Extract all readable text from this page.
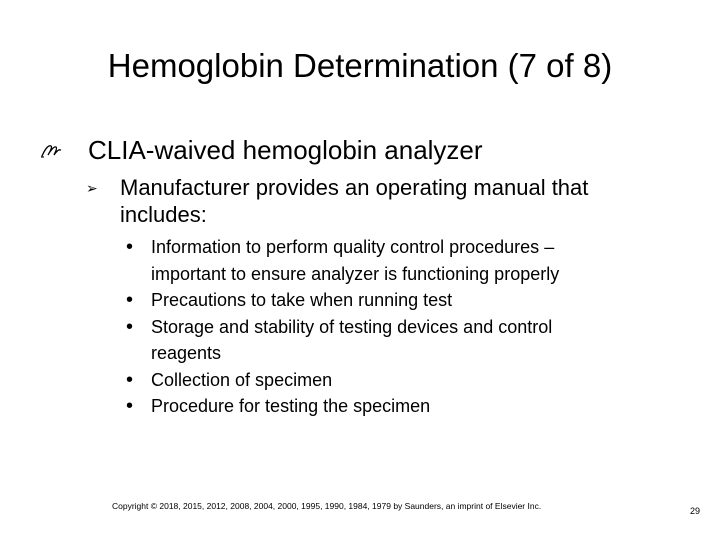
Hemoglobin Determination (7 of 8)
CLIA-waived hemoglobin analyzer
➢ Manufacturer provides an operating manual that includes:
• Information to perform quality control procedures – important to ensure analyzer is functioning properly
• Precautions to take when running test
• Storage and stability of testing devices and control reagents
• Collection of specimen
• Procedure for testing the specimen
Copyright © 2018, 2015, 2012, 2008, 2004, 2000, 1995, 1990, 1984, 1979 by Saunders, an imprint of Elsevier Inc.	29
